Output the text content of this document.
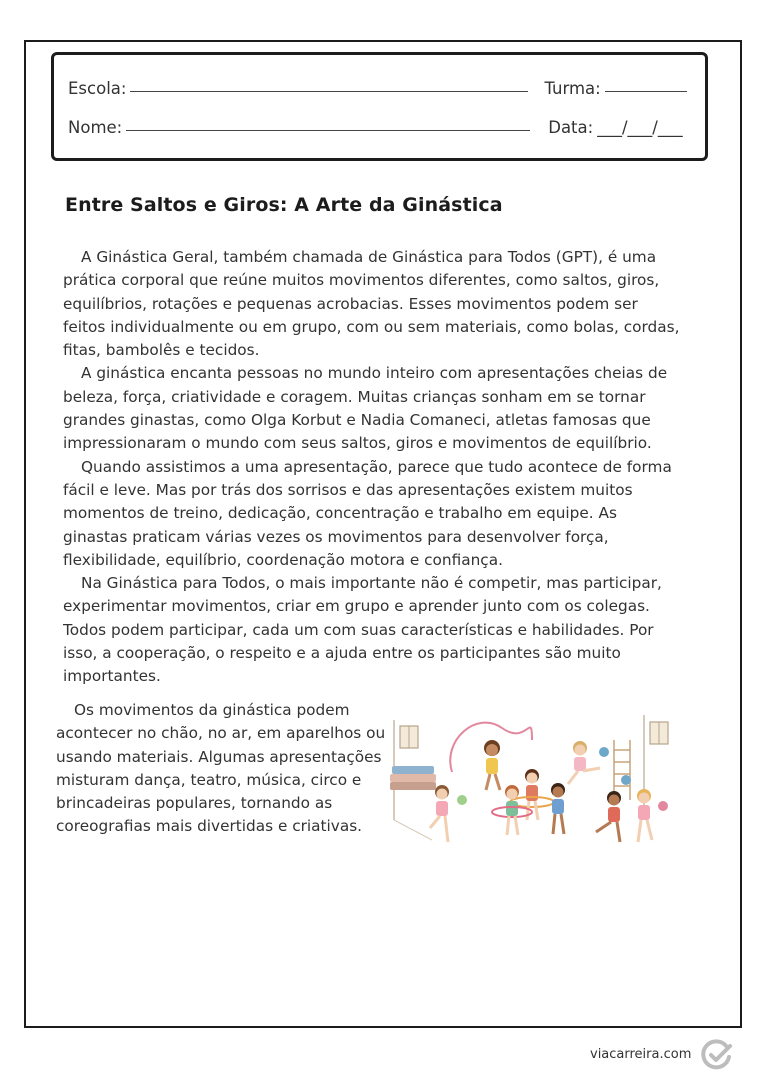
Escola:	Turma:
Nome:	Data: ___/___/___
Entre Saltos e Giros: A Arte da Ginástica

A Ginástica Geral, também chamada de Ginástica para Todos (GPT), é uma prática corporal que reúne muitos movimentos diferentes, como saltos, giros, equilíbrios, rotações e pequenas acrobacias. Esses movimentos podem ser feitos individualmente ou em grupo, com ou sem materiais, como bolas, cordas, fitas, bambolês e tecidos.

A ginástica encanta pessoas no mundo inteiro com apresentações cheias de beleza, força, criatividade e coragem. Muitas crianças sonham em se tornar grandes ginastas, como Olga Korbut e Nadia Comaneci, atletas famosas que impressionaram o mundo com seus saltos, giros e movimentos de equilíbrio.

Quando assistimos a uma apresentação, parece que tudo acontece de forma fácil e leve. Mas por trás dos sorrisos e das apresentações existem muitos momentos de treino, dedicação, concentração e trabalho em equipe. As ginastas praticam várias vezes os movimentos para desenvolver força, flexibilidade, equilíbrio, coordenação motora e confiança.

Na Ginástica para Todos, o mais importante não é competir, mas participar, experimentar movimentos, criar em grupo e aprender junto com os colegas. Todos podem participar, cada um com suas características e habilidades. Por isso, a cooperação, o respeito e a ajuda entre os participantes são muito importantes.

Os movimentos da ginástica podem acontecer no chão, no ar, em aparelhos ou usando materiais. Algumas apresentações misturam dança, teatro, música, circo e brincadeiras populares, tornando as coreografias mais divertidas e criativas.

viacarreira.com
